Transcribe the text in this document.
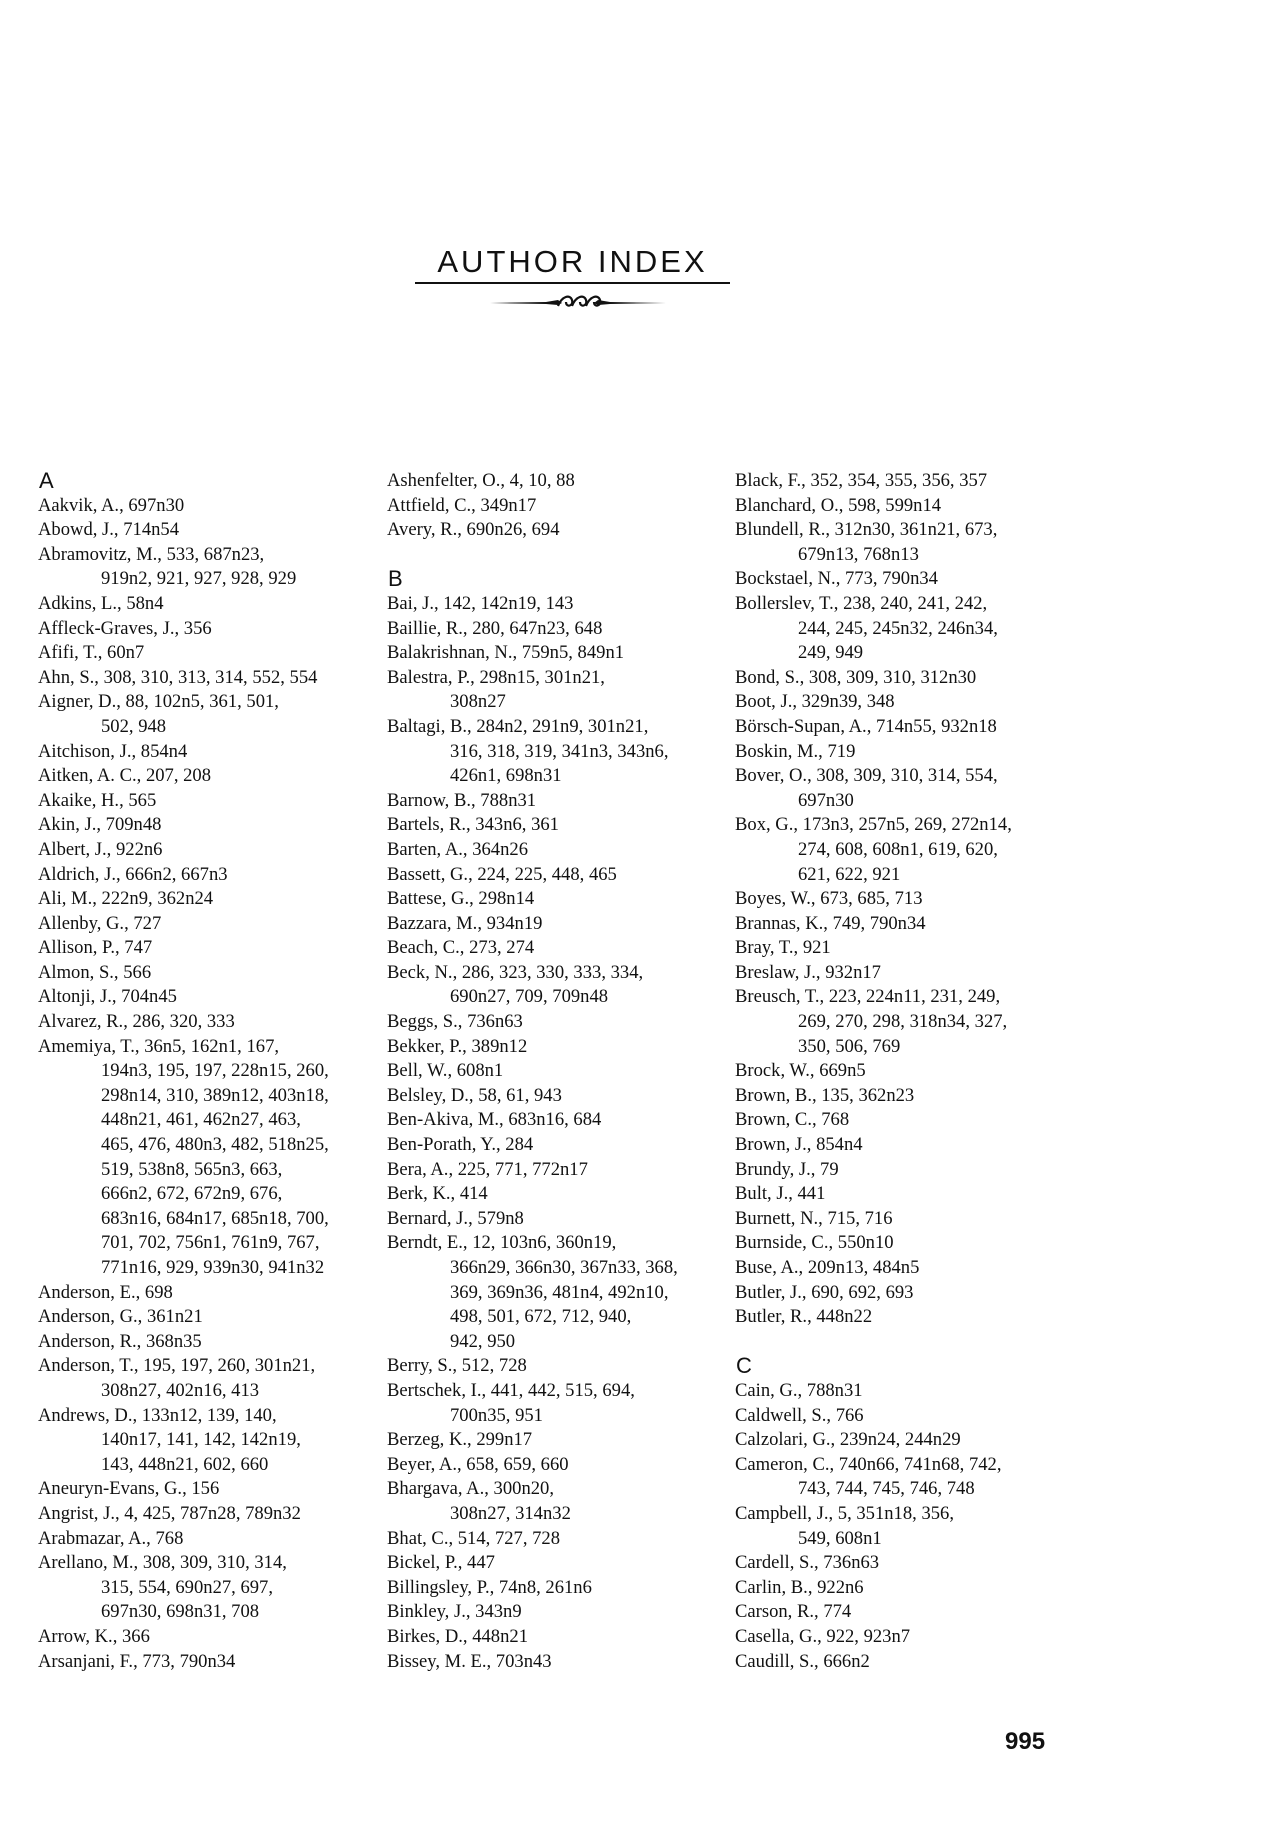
AUTHOR INDEX
A
Aakvik, A., 697n30
Abowd, J., 714n54
Abramovitz, M., 533, 687n23,
919n2, 921, 927, 928, 929
Adkins, L., 58n4
Affleck-Graves, J., 356
Afifi, T., 60n7
Ahn, S., 308, 310, 313, 314, 552, 554
Aigner, D., 88, 102n5, 361, 501,
502, 948
Aitchison, J., 854n4
Aitken, A. C., 207, 208
Akaike, H., 565
Akin, J., 709n48
Albert, J., 922n6
Aldrich, J., 666n2, 667n3
Ali, M., 222n9, 362n24
Allenby, G., 727
Allison, P., 747
Almon, S., 566
Altonji, J., 704n45
Alvarez, R., 286, 320, 333
Amemiya, T., 36n5, 162n1, 167,
194n3, 195, 197, 228n15, 260,
298n14, 310, 389n12, 403n18,
448n21, 461, 462n27, 463,
465, 476, 480n3, 482, 518n25,
519, 538n8, 565n3, 663,
666n2, 672, 672n9, 676,
683n16, 684n17, 685n18, 700,
701, 702, 756n1, 761n9, 767,
771n16, 929, 939n30, 941n32
Anderson, E., 698
Anderson, G., 361n21
Anderson, R., 368n35
Anderson, T., 195, 197, 260, 301n21,
308n27, 402n16, 413
Andrews, D., 133n12, 139, 140,
140n17, 141, 142, 142n19,
143, 448n21, 602, 660
Aneuryn-Evans, G., 156
Angrist, J., 4, 425, 787n28, 789n32
Arabmazar, A., 768
Arellano, M., 308, 309, 310, 314,
315, 554, 690n27, 697,
697n30, 698n31, 708
Arrow, K., 366
Arsanjani, F., 773, 790n34
Ashenfelter, O., 4, 10, 88
Attfield, C., 349n17
Avery, R., 690n26, 694
B
Bai, J., 142, 142n19, 143
Baillie, R., 280, 647n23, 648
Balakrishnan, N., 759n5, 849n1
Balestra, P., 298n15, 301n21,
308n27
Baltagi, B., 284n2, 291n9, 301n21,
316, 318, 319, 341n3, 343n6,
426n1, 698n31
Barnow, B., 788n31
Bartels, R., 343n6, 361
Barten, A., 364n26
Bassett, G., 224, 225, 448, 465
Battese, G., 298n14
Bazzara, M., 934n19
Beach, C., 273, 274
Beck, N., 286, 323, 330, 333, 334,
690n27, 709, 709n48
Beggs, S., 736n63
Bekker, P., 389n12
Bell, W., 608n1
Belsley, D., 58, 61, 943
Ben-Akiva, M., 683n16, 684
Ben-Porath, Y., 284
Bera, A., 225, 771, 772n17
Berk, K., 414
Bernard, J., 579n8
Berndt, E., 12, 103n6, 360n19,
366n29, 366n30, 367n33, 368,
369, 369n36, 481n4, 492n10,
498, 501, 672, 712, 940,
942, 950
Berry, S., 512, 728
Bertschek, I., 441, 442, 515, 694,
700n35, 951
Berzeg, K., 299n17
Beyer, A., 658, 659, 660
Bhargava, A., 300n20,
308n27, 314n32
Bhat, C., 514, 727, 728
Bickel, P., 447
Billingsley, P., 74n8, 261n6
Binkley, J., 343n9
Birkes, D., 448n21
Bissey, M. E., 703n43
Black, F., 352, 354, 355, 356, 357
Blanchard, O., 598, 599n14
Blundell, R., 312n30, 361n21, 673,
679n13, 768n13
Bockstael, N., 773, 790n34
Bollerslev, T., 238, 240, 241, 242,
244, 245, 245n32, 246n34,
249, 949
Bond, S., 308, 309, 310, 312n30
Boot, J., 329n39, 348
Börsch-Supan, A., 714n55, 932n18
Boskin, M., 719
Bover, O., 308, 309, 310, 314, 554,
697n30
Box, G., 173n3, 257n5, 269, 272n14,
274, 608, 608n1, 619, 620,
621, 622, 921
Boyes, W., 673, 685, 713
Brannas, K., 749, 790n34
Bray, T., 921
Breslaw, J., 932n17
Breusch, T., 223, 224n11, 231, 249,
269, 270, 298, 318n34, 327,
350, 506, 769
Brock, W., 669n5
Brown, B., 135, 362n23
Brown, C., 768
Brown, J., 854n4
Brundy, J., 79
Bult, J., 441
Burnett, N., 715, 716
Burnside, C., 550n10
Buse, A., 209n13, 484n5
Butler, J., 690, 692, 693
Butler, R., 448n22
C
Cain, G., 788n31
Caldwell, S., 766
Calzolari, G., 239n24, 244n29
Cameron, C., 740n66, 741n68, 742,
743, 744, 745, 746, 748
Campbell, J., 5, 351n18, 356,
549, 608n1
Cardell, S., 736n63
Carlin, B., 922n6
Carson, R., 774
Casella, G., 922, 923n7
Caudill, S., 666n2
995
